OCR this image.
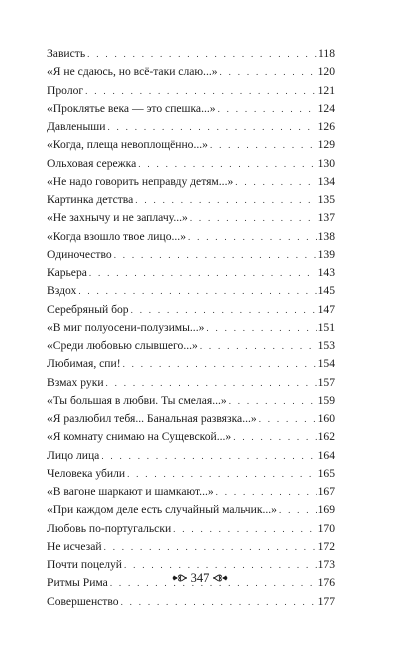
Зависть . . .	118
«Я не сдаюсь, но всё-таки слаю...» . . .	120
Пролог . . .	121
«Проклятье века — это спешка...» . . .	124
Давленыши . . .	126
«Когда, плеща невоплощённо...» . . .	129
Ольховая сережка . . .	130
«Не надо говорить неправду детям...» . . .	134
Картинка детства . . .	135
«Не захнычу и не заплачу...» . . .	137
«Когда взошло твое лицо...» . . .	138
Одиночество . . .	139
Карьера . . .	143
Вздох . . .	145
Серебряный бор . . .	147
«В миг полуосени-полузимы...» . . .	151
«Среди любовью слывшего...» . . .	153
Любимая, спи! . . .	154
Взмах руки . . .	157
«Ты большая в любви. Ты смелая...» . . .	159
«Я разлюбил тебя... Банальная развязка...» . . .	160
«Я комнату снимаю на Сущевской...» . . .	162
Лицо лица . . .	164
Человека убили . . .	165
«В вагоне шаркают и шамкают...» . . .	167
«При каждом деле есть случайный мальчик...» . . .	169
Любовь по-португальски . . .	170
Не исчезай . . .	172
Почти поцелуй . . .	173
Ритмы Рима . . .	176
Совершенство . . .	177
347
